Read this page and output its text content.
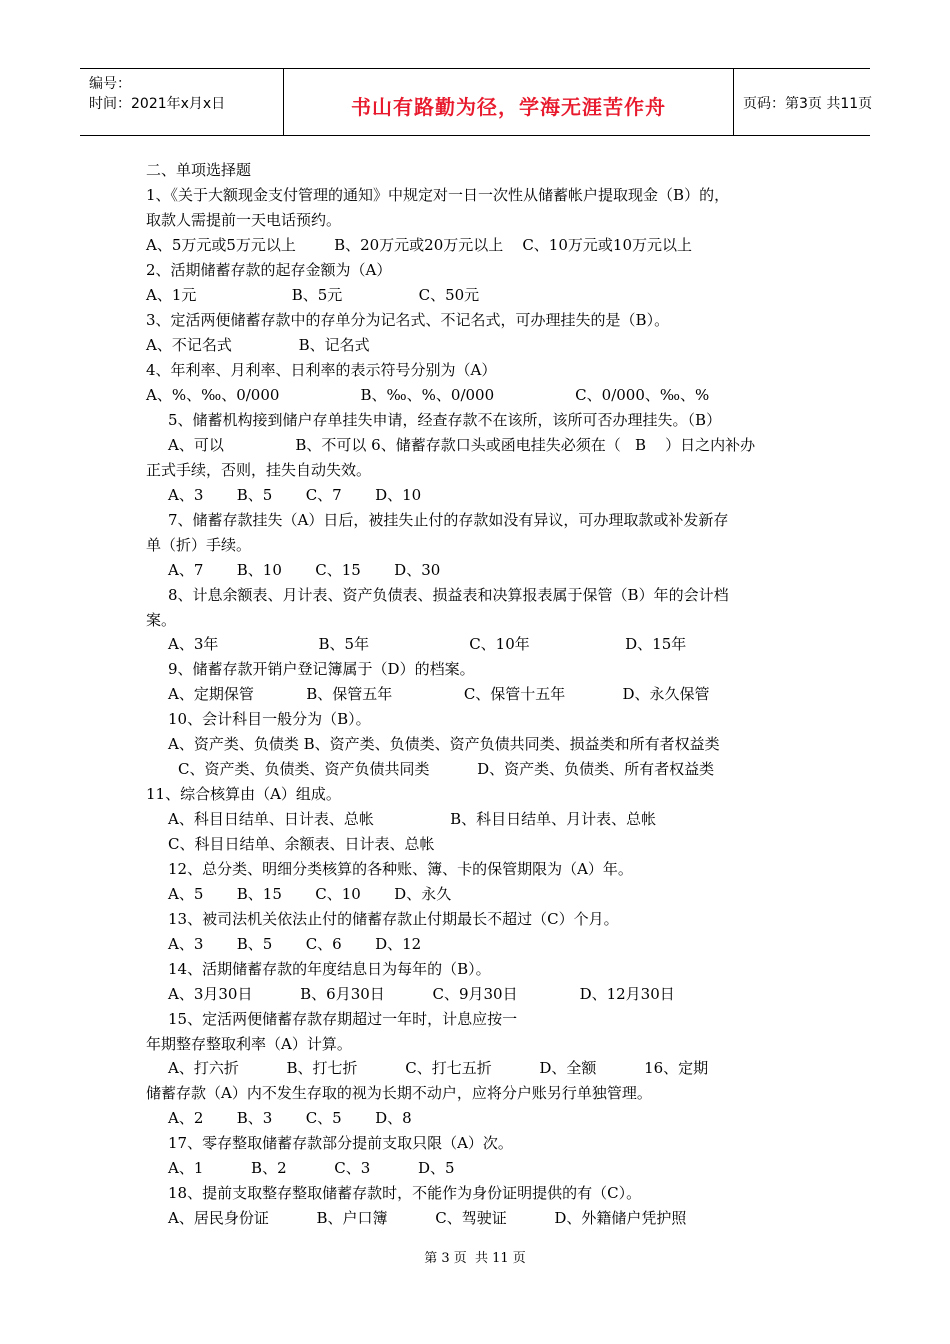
编号：
时间：2021年x月x日	书山有路勤为径，学海无涯苦作舟	页码：第3页 共11页
二、单项选择题
1、《关于大额现金支付管理的通知》中规定对一日一次性从储蓄帐户提取现金（B）的，
取款人需提前一天电话预约。
A、5万元或5万元以上        B、20万元或20万元以上    C、10万元或10万元以上
2、活期储蓄存款的起存金额为（A）
A、1元                    B、5元                C、50元
3、定活两便储蓄存款中的存单分为记名式、不记名式，可办理挂失的是（B）。
A、不记名式              B、记名式
4、年利率、月利率、日利率的表示符号分别为（A）
A、%、‰、0/000                 B、‰、%、0/000                 C、0/000、‰、%
5、储蓄机构接到储户存单挂失申请，经查存款不在该所，该所可否办理挂失。（B）
A、可以               B、不可以 6、储蓄存款口头或函电挂失必须在（   B    ）日之内补办
正式手续，否则，挂失自动失效。
A、3       B、5       C、7       D、10
7、储蓄存款挂失（A）日后，被挂失止付的存款如没有异议，可办理取款或补发新存
单（折）手续。
A、7       B、10       C、15       D、30
8、计息余额表、月计表、资产负债表、损益表和决算报表属于保管（B）年的会计档
案。
A、3年                     B、5年                     C、10年                    D、15年
9、储蓄存款开销户登记簿属于（D）的档案。
A、定期保管           B、保管五年               C、保管十五年            D、永久保管
10、会计科目一般分为（B）。
A、资产类、负债类 B、资产类、负债类、资产负债共同类、损益类和所有者权益类
C、资产类、负债类、资产负债共同类          D、资产类、负债类、所有者权益类
11、综合核算由（A）组成。
A、科目日结单、日计表、总帐                B、科目日结单、月计表、总帐
C、科目日结单、余额表、日计表、总帐
12、总分类、明细分类核算的各种账、簿、卡的保管期限为（A）年。
A、5       B、15       C、10       D、永久
13、被司法机关依法止付的储蓄存款止付期最长不超过（C）个月。
A、3       B、5       C、6       D、12
14、活期储蓄存款的年度结息日为每年的（B）。
A、3月30日          B、6月30日          C、9月30日             D、12月30日
15、定活两便储蓄存款存期超过一年时，计息应按一
年期整存整取利率（A）计算。
A、打六折          B、打七折          C、打七五折          D、全额          16、定期
储蓄存款（A）内不发生存取的视为长期不动户，应将分户账另行单独管理。
A、2       B、3       C、5       D、8
17、零存整取储蓄存款部分提前支取只限（A）次。
A、1          B、2          C、3          D、5
18、提前支取整存整取储蓄存款时，不能作为身份证明提供的有（C）。
A、居民身份证          B、户口簿          C、驾驶证          D、外籍储户凭护照
第 3 页  共 11 页
